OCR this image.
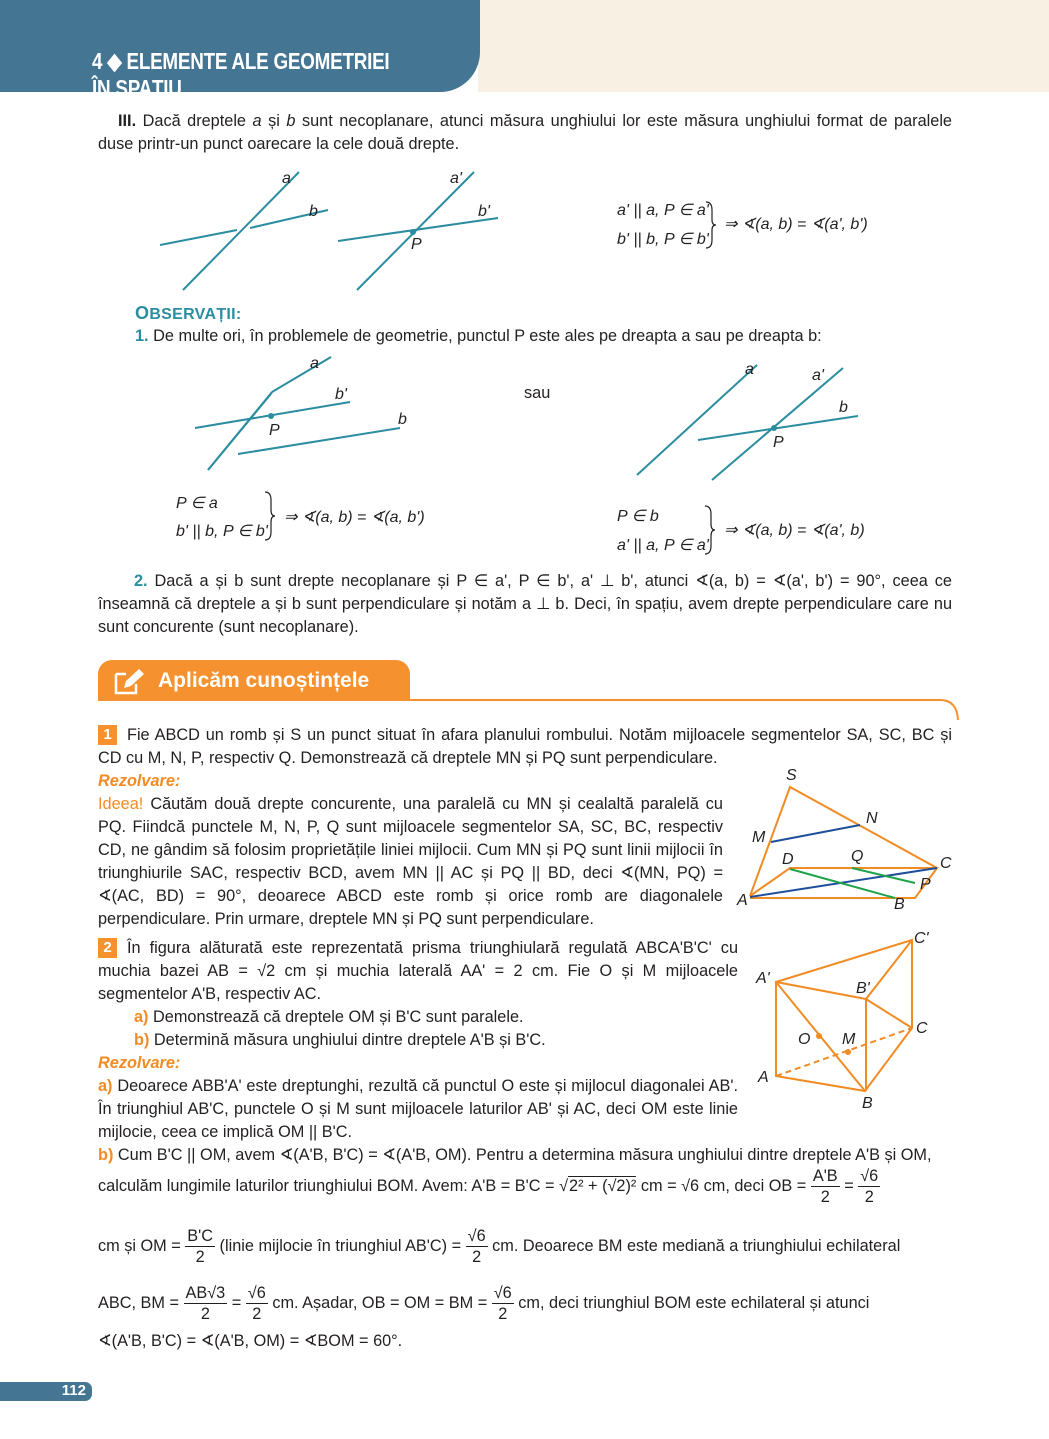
4 ◆ ELEMENTE ALE GEOMETRIEI ÎN SPAȚIU
III. Dacă dreptele a și b sunt necoplanare, atunci măsura unghiului lor este măsura unghiului format de paralele duse printr-un punct oarecare la cele două drepte.
a
b
a'
b'
P
a' || a, P ∈ a'
b' || b, P ∈ b'
⇒ ∢(a, b) = ∢(a', b')
OBSERVAȚII:
1. De multe ori, în problemele de geometrie, punctul P este ales pe dreapta a sau pe dreapta b:
a
b'
b
P
sau
a	a'
b
P
P ∈ a
b' || b, P ∈ b'
⇒ ∢(a, b) = ∢(a, b')	P ∈ b
a' || a, P ∈ a'
⇒ ∢(a, b) = ∢(a', b)
2. Dacă a și b sunt drepte necoplanare și P ∈ a', P ∈ b', a' ⊥ b', atunci ∢(a, b) = ∢(a', b') = 90°, ceea ce înseamnă că dreptele a și b sunt perpendiculare și notăm a ⊥ b. Deci, în spațiu, avem drepte perpendiculare care nu sunt concurente (sunt necoplanare).
Aplicăm cunoștințele
1 Fie ABCD un romb și S un punct situat în afara planului rombului. Notăm mijloacele segmentelor SA, SC, BC și CD cu M, N, P, respectiv Q. Demonstrează că dreptele MN și PQ sunt perpendiculare.
Rezolvare:
Ideea! Căutăm două drepte concurente, una paralelă cu MN și cealaltă paralelă cu PQ. Fiindcă punctele M, N, P, Q sunt mijloacele segmentelor SA, SC, BC, respectiv CD, ne gândim să folosim proprietățile liniei mijlocii. Cum MN și PQ sunt linii mijlocii în triunghiurile SAC, respectiv BCD, avem MN || AC și PQ || BD, deci ∢(MN, PQ) = ∢(AC, BD) = 90°, deoarece ABCD este romb și orice romb are diagonalele perpendiculare. Prin urmare, dreptele MN și PQ sunt perpendiculare.
S
N
M
D	Q	C
P
A	B
2 În figura alăturată este reprezentată prisma triunghiulară regulată ABCA'B'C' cu muchia bazei AB = √2 cm și muchia laterală AA' = 2 cm. Fie O și M mijloacele segmentelor A'B, respectiv AC.
a) Demonstrează că dreptele OM și B'C sunt paralele.
b) Determină măsura unghiului dintre dreptele A'B și B'C.
Rezolvare:
a) Deoarece ABB'A' este dreptunghi, rezultă că punctul O este și mijlocul diagonalei AB'. În triunghiul AB'C, punctele O și M sunt mijloacele laturilor AB' și AC, deci OM este linie mijlocie, ceea ce implică OM || B'C.
C'
A'
B'
C
O M
A
B
b) Cum B'C || OM, avem ∢(A'B, B'C) = ∢(A'B, OM). Pentru a determina măsura unghiului dintre dreptele A'B și OM,
calculăm lungimile laturilor triunghiului BOM. Avem: A'B = B'C = √2² + (√2)² cm = √6 cm, deci OB = $\frac{A'B}{2} = \frac{√6}{2}$
cm și OM = $\frac{B'C}{2}$ (linie mijlocie în triunghiul $AB'C) = \frac{√6}{2}$ cm. Deoarece BM este mediană a triunghiului echilateral
ABC, BM = $\frac{AB√3}{2} = \frac{√6}{2}$ cm. Așadar, OB = OM = BM = $\frac{√6}{2}$ cm, deci triunghiul BOM este echilateral și atunci
∢(A'B, B'C) = ∢(A'B, OM) = ∢BOM = 60°.
112
